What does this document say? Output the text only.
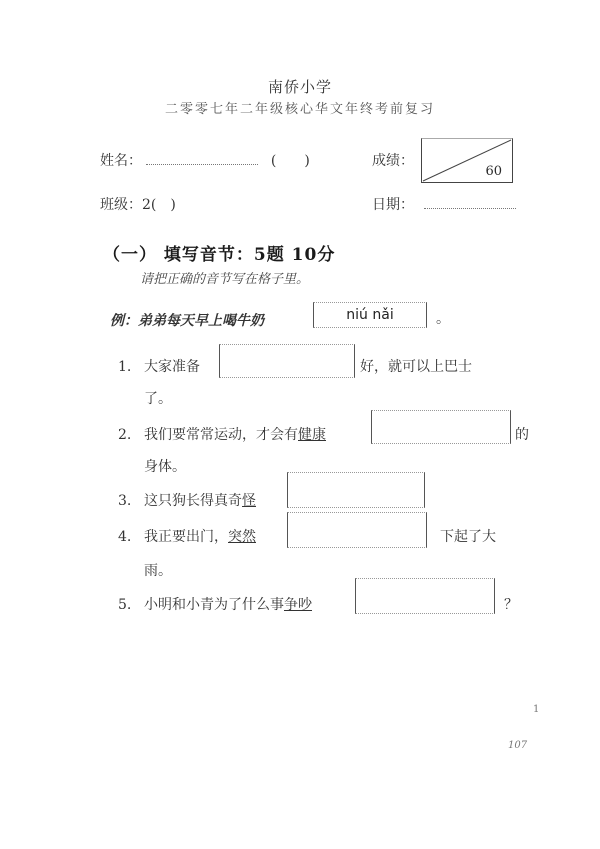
南侨小学
二零零七年二年级核心华文年终考前复习
姓名：	(　　)	成绩：
60
班级：2(　)	日期：
（一） 填写音节：5题 10分
请把正确的音节写在格子里。
例：弟弟每天早上喝牛奶	niú nǎi	。
1. 大家准备	好，就可以上巴士
了。
2. 我们要常常运动，才会有健康	的
身体。
3. 这只狗长得真奇怪
4. 我正要出门，突然	下起了大
雨。
5. 小明和小青为了什么事争吵	？
1
107
